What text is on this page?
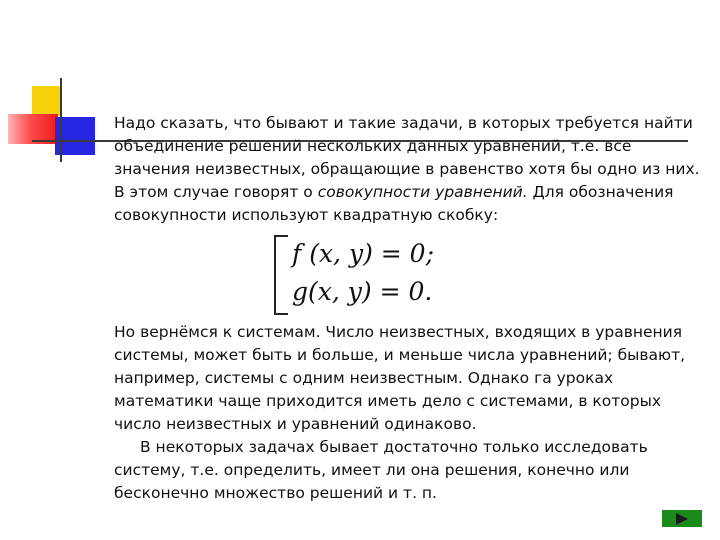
Надо сказать, что бывают и такие задачи, в которых требуется найти объединение решений нескольких данных уравнений, т.е. все значения неизвестных, обращающие в равенство хотя бы одно из них. В этом случае говорят о совокупности уравнений. Для обозначения совокупности используют квадратную скобку:

f (x, y) = 0;
g(x, y) = 0.

Но вернёмся к системам. Число неизвестных, входящих в уравнения системы, может быть и больше, и меньше числа уравнений; бывают, например, системы с одним неизвестным. Однако га уроках математики чаще приходится иметь дело с системами, в которых число неизвестных и уравнений одинаково.

В некоторых задачах бывает достаточно только исследовать систему, т.е. определить, имеет ли она решения, конечно или бесконечно множество решений и т. п.
